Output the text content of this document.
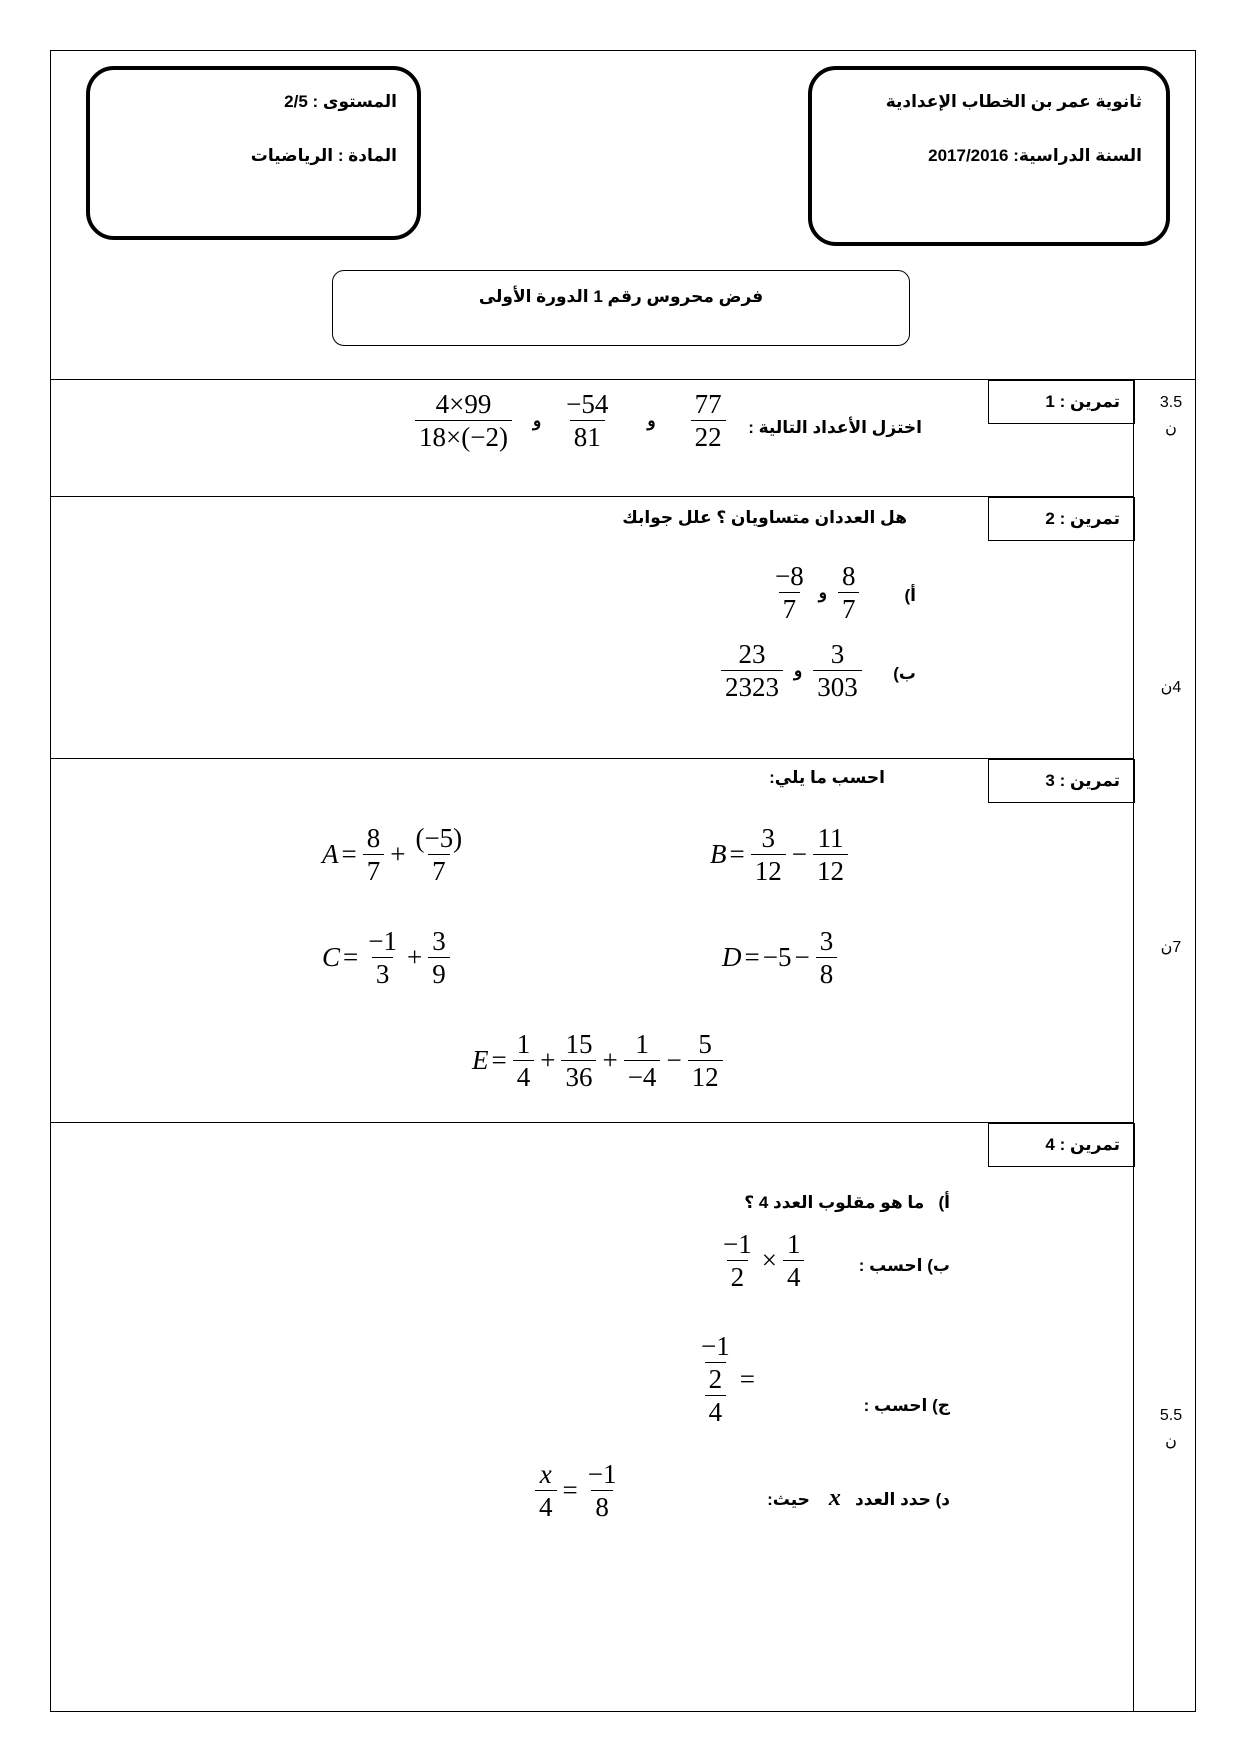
المستوى : 2/5
المادة : الرياضيات
ثانوية عمر بن الخطاب الإعدادية
السنة الدراسية: 2017/2016
فرض محروس رقم 1 الدورة الأولى
تمرين : 1	3.5
ن
اختزل الأعداد التالية :
$\frac{4\times 99}{18\times(-2)}$ و $\frac{-54}{81}$	و	$\frac{77}{22}$
تمرين : 2
4ن
هل العددان متساويان ؟ علل جوابك
أ)
$\frac{-8}{7}$ و $\frac{8}{7}$
ب)
$\frac{23}{2323}$ و $\frac{3}{303}$
تمرين : 3
7ن
احسب ما يلي:
$A = \frac{8}{7} + \frac{(-5)}{7}$	$B = \frac{3}{12} - \frac{11}{12}$
$C = \frac{-1}{3} + \frac{3}{9}$	$D = -5 - \frac{3}{8}$
$E = \frac{1}{4} + \frac{15}{36} + \frac{1}{-4} - \frac{5}{12}$
تمرين : 4
5.5
ن
أ)   ما هو مقلوب العدد 4 ؟
ب) احسب :
$\frac{-1}{2} \times \frac{1}{4}$
ج) احسب :
$\frac{\frac{-1}{2}}{4}$ =
د) حدد العدد   x    حيث:
$\frac{x}{4} = \frac{-1}{8}$
